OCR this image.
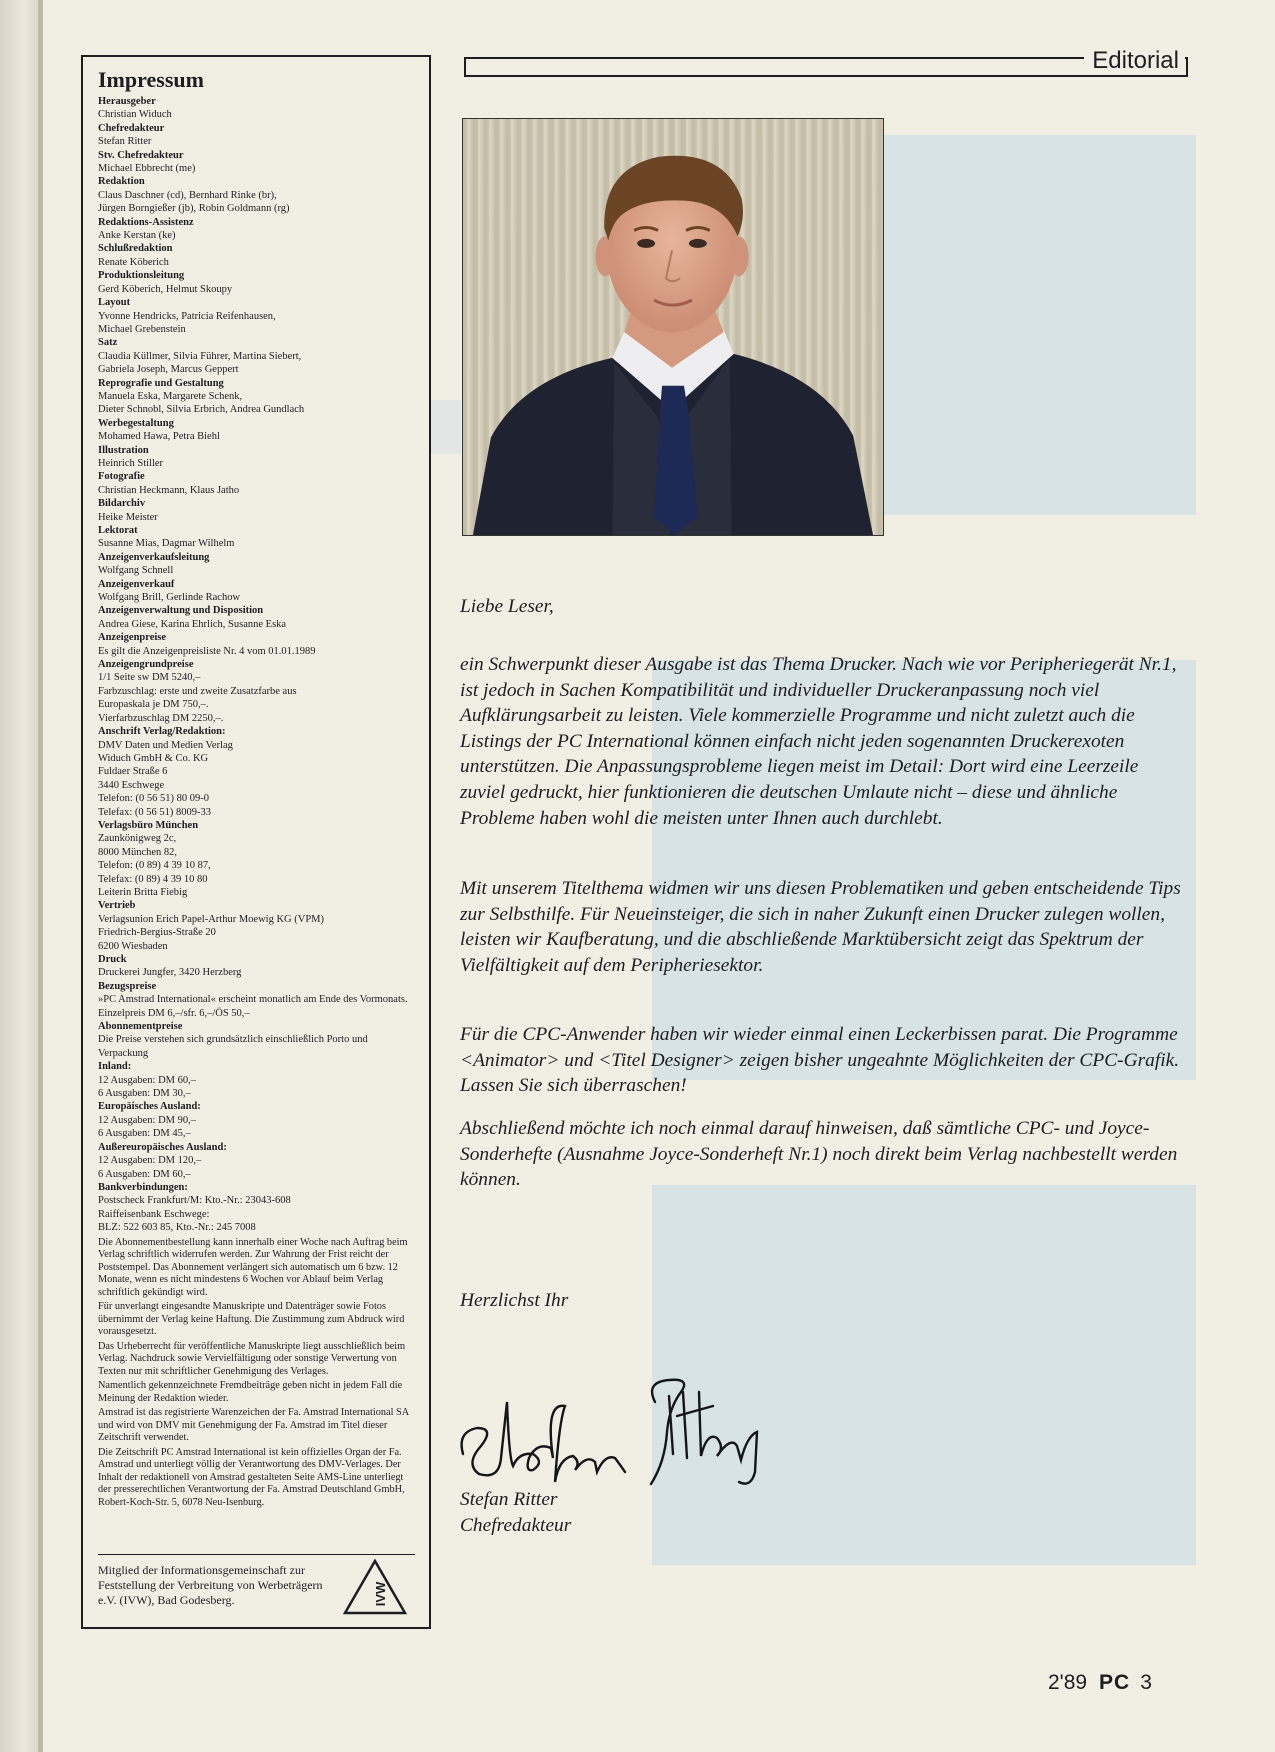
Impressum
Herausgeber
Christian Widuch
Chefredakteur
Stefan Ritter
Stv. Chefredakteur
Michael Ebbrecht (me)
Redaktion
Claus Daschner (cd), Bernhard Rinke (br),
Jürgen Borngießer (jb), Robin Goldmann (rg)
Redaktions-Assistenz
Anke Kerstan (ke)
Schlußredaktion
Renate Köberich
Produktionsleitung
Gerd Köberich, Helmut Skoupy
Layout
Yvonne Hendricks, Patricia Reifenhausen,
Michael Grebenstein
Satz
Claudia Küllmer, Silvia Führer, Martina Siebert,
Gabriela Joseph, Marcus Geppert
Reprografie und Gestaltung
Manuela Eska, Margarete Schenk,
Dieter Schnobl, Silvia Erbrich, Andrea Gundlach
Werbegestaltung
Mohamed Hawa, Petra Biehl
Illustration
Heinrich Stiller
Fotografie
Christian Heckmann, Klaus Jatho
Bildarchiv
Heike Meister
Lektorat
Susanne Mias, Dagmar Wilhelm
Anzeigenverkaufsleitung
Wolfgang Schnell
Anzeigenverkauf
Wolfgang Brill, Gerlinde Rachow
Anzeigenverwaltung und Disposition
Andrea Giese, Karina Ehrlich, Susanne Eska
Anzeigenpreise
Es gilt die Anzeigenpreisliste Nr. 4 vom 01.01.1989
Anzeigengrundpreise
1/1 Seite sw DM 5240,–
Farbzuschlag: erste und zweite Zusatzfarbe aus
Europaskala je DM 750,–.
Vierfarbzuschlag DM 2250,–.
Anschrift Verlag/Redaktion:
DMV Daten und Medien Verlag
Widuch GmbH & Co. KG
Fuldaer Straße 6
3440 Eschwege
Telefon: (0 56 51) 80 09-0
Telefax: (0 56 51) 8009-33
Verlagsbüro München
Zaunkönigweg 2c,
8000 München 82,
Telefon: (0 89) 4 39 10 87,
Telefax: (0 89) 4 39 10 80
Leiterin Britta Fiebig
Vertrieb
Verlagsunion Erich Papel-Arthur Moewig KG (VPM)
Friedrich-Bergius-Straße 20
6200 Wiesbaden
Druck
Druckerei Jungfer, 3420 Herzberg
Bezugspreise
»PC Amstrad International« erscheint monatlich am Ende des Vormonats.
Einzelpreis DM 6,–/sfr. 6,–/ÖS 50,–
Abonnementpreise
Die Preise verstehen sich grundsätzlich einschließlich Porto und Verpackung
Inland:
12 Ausgaben: DM 60,–
6 Ausgaben: DM 30,–
Europäisches Ausland:
12 Ausgaben: DM 90,–
6 Ausgaben: DM 45,–
Außereuropäisches Ausland:
12 Ausgaben: DM 120,–
6 Ausgaben: DM 60,–
Bankverbindungen:
Postscheck Frankfurt/M: Kto.-Nr.: 23043-608
Raiffeisenbank Eschwege:
BLZ: 522 603 85, Kto.-Nr.: 245 7008
Die Abonnementbestellung kann innerhalb einer Woche nach Auftrag beim Verlag schriftlich widerrufen werden. Zur Wahrung der Frist reicht der Poststempel. Das Abonnement verlängert sich automatisch um 6 bzw. 12 Monate, wenn es nicht mindestens 6 Wochen vor Ablauf beim Verlag schriftlich gekündigt wird.
Für unverlangt eingesandte Manuskripte und Datenträger sowie Fotos übernimmt der Verlag keine Haftung. Die Zustimmung zum Abdruck wird vorausgesetzt.
Das Urheberrecht für veröffentliche Manuskripte liegt ausschließlich beim Verlag. Nachdruck sowie Vervielfältigung oder sonstige Verwertung von Texten nur mit schriftlicher Genehmigung des Verlages.
Namentlich gekennzeichnete Fremdbeiträge geben nicht in jedem Fall die Meinung der Redaktion wieder.
Amstrad ist das registrierte Warenzeichen der Fa. Amstrad International SA und wird von DMV mit Genehmigung der Fa. Amstrad im Titel dieser Zeitschrift verwendet.
Die Zeitschrift PC Amstrad International ist kein offizielles Organ der Fa. Amstrad und unterliegt völlig der Verantwortung des DMV-Verlages. Der Inhalt der redaktionell von Amstrad gestalteten Seite AMS-Line unterliegt der presserechtlichen Verantwortung der Fa. Amstrad Deutschland GmbH, Robert-Koch-Str. 5, 6078 Neu-Isenburg.
Mitglied der Informationsgemeinschaft zur Feststellung der Verbreitung von Werbeträgern e.V. (IVW), Bad Godesberg.	IVW
Editorial
Liebe Leser,

ein Schwerpunkt dieser Ausgabe ist das Thema Drucker. Nach wie vor Peripheriegerät Nr.1, ist jedoch in Sachen Kompatibilität und individueller Druckeranpassung noch viel Aufklärungsarbeit zu leisten. Viele kommerzielle Programme und nicht zuletzt auch die Listings der PC International können einfach nicht jeden sogenannten Druckerexoten unterstützen. Die Anpassungsprobleme liegen meist im Detail: Dort wird eine Leerzeile zuviel gedruckt, hier funktionieren die deutschen Umlaute nicht – diese und ähnliche Probleme haben wohl die meisten unter Ihnen auch durchlebt.

Mit unserem Titelthema widmen wir uns diesen Problematiken und geben entscheidende Tips zur Selbsthilfe. Für Neueinsteiger, die sich in naher Zukunft einen Drucker zulegen wollen, leisten wir Kaufberatung, und die abschließende Marktübersicht zeigt das Spektrum der Vielfältigkeit auf dem Peripheriesektor.

Für die CPC-Anwender haben wir wieder einmal einen Leckerbissen parat. Die Programme <Animator> und <Titel Designer> zeigen bisher ungeahnte Möglichkeiten der CPC-Grafik. Lassen Sie sich überraschen!

Abschließend möchte ich noch einmal darauf hinweisen, daß sämtliche CPC- und Joyce-Sonderhefte (Ausnahme Joyce-Sonderheft Nr.1) noch direkt beim Verlag nachbestellt werden können.

Herzlichst Ihr
Stefan Ritter
Stefan Ritter
Chefredakteur
2'89 PC 3
